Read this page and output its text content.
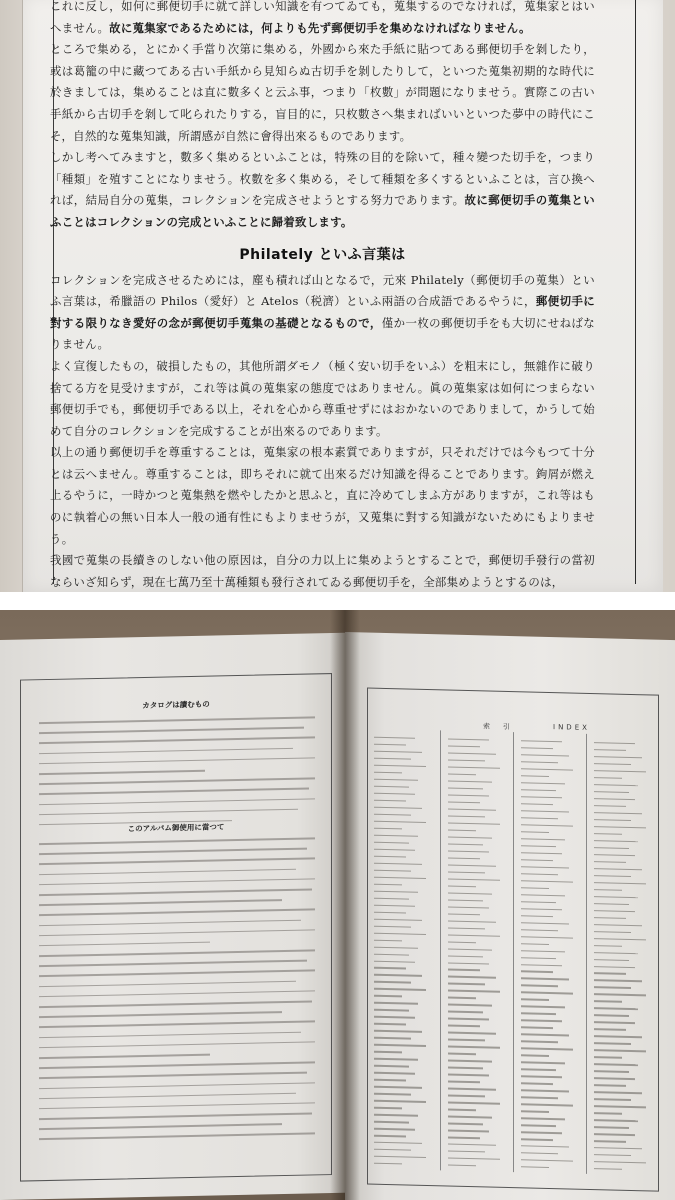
これに反し，如何に郵便切手に就て詳しい知識を有つてゐても，蒐集するのでなければ，蒐集家とはいへません。故に蒐集家であるためには，何よりも先ず郵便切手を集めなければなりません。

ところで集める，とにかく手當り次第に集める，外國から來た手紙に貼つてある郵便切手を剝したり，或は葛籠の中に藏つてある古い手紙から見知らぬ古切手を剝したりして，といつた蒐集初期的な時代に於きましては，集めることは直に數多くと云ふ事，つまり「枚數」が問題になりませう。實際この古い手紙から古切手を剝して叱られたりする，盲目的に，只枚數さへ集まればいいといつた夢中の時代にこそ，自然的な蒐集知識，所謂感が自然に會得出來るものであります。

しかし考へてみますと，數多く集めるといふことは，特殊の目的を除いて，種々變つた切手を，つまり「種類」を殖すことになりませう。枚數を多く集める，そして種類を多くするといふことは，言ひ換へれば，結局自分の蒐集，コレクションを完成させようとする努力であります。故に郵便切手の蒐集といふことはコレクションの完成といふことに歸着致します。

Philately といふ言葉は

コレクションを完成させるためには，塵も積れば山となるで，元來 Philately（郵便切手の蒐集）といふ言葉は，希臘語の Philos（愛好）と Atelos（税濟）といふ兩語の合成語であるやうに，郵便切手に對する限りなき愛好の念が郵便切手蒐集の基礎となるもので，僅か一枚の郵便切手をも大切にせねばなりません。

よく宣復したもの，破損したもの，其他所謂ダモノ（極く安い切手をいふ）を粗末にし，無雜作に破り捨てる方を見受けますが，これ等は眞の蒐集家の態度ではありません。眞の蒐集家は如何につまらない郵便切手でも，郵便切手である以上，それを心から尊重せずにはおかないのでありまして，かうして始めて自分のコレクションを完成することが出來るのであります。

以上の通り郵便切手を尊重することは，蒐集家の根本素質でありますが，只それだけでは今もつて十分とは云へません。尊重することは，即ちそれに就て出來るだけ知識を得ることであります。鉤屑が燃え上るやうに，一時かつと蒐集熱を燃やしたかと思ふと，直に冷めてしまふ方がありますが，これ等はものに執着心の無い日本人一般の通有性にもよりませうが，又蒐集に對する知識がないためにもよりませう。

我國で蒐集の長續きのしない他の原因は，自分の力以上に集めようとすることで，郵便切手發行の當初ならいざ知らず，現在七萬乃至十萬種類も發行されてゐる郵便切手を，全部集めようとするのは，

カタログは讀むもの
このアルバム御使用に當つて
索　引	INDEX
